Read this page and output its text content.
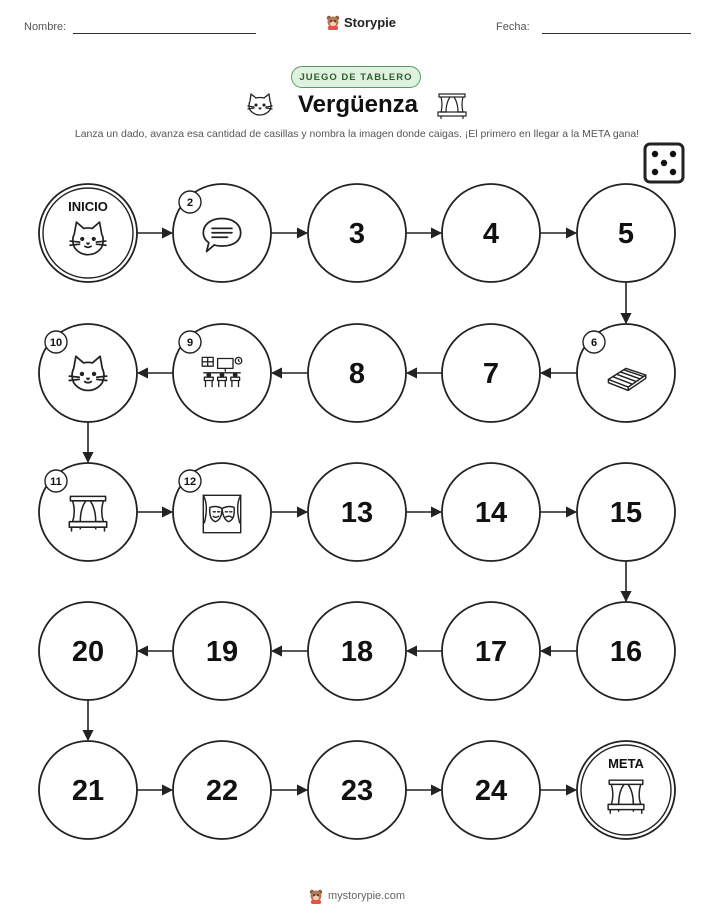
Nombre:	Storypie	Fecha:
JUEGO DE TABLERO
Vergüenza
Lanza un dado, avanza esa cantidad de casillas y nombra la imagen donde caigas. ¡El primero en llegar a la META gana!
INICIO	2
3	4	5
6
7
8
9
10
11	12
13	14	15
16
17
18
19
20
21	22	23	24
META
mystorypie.com
